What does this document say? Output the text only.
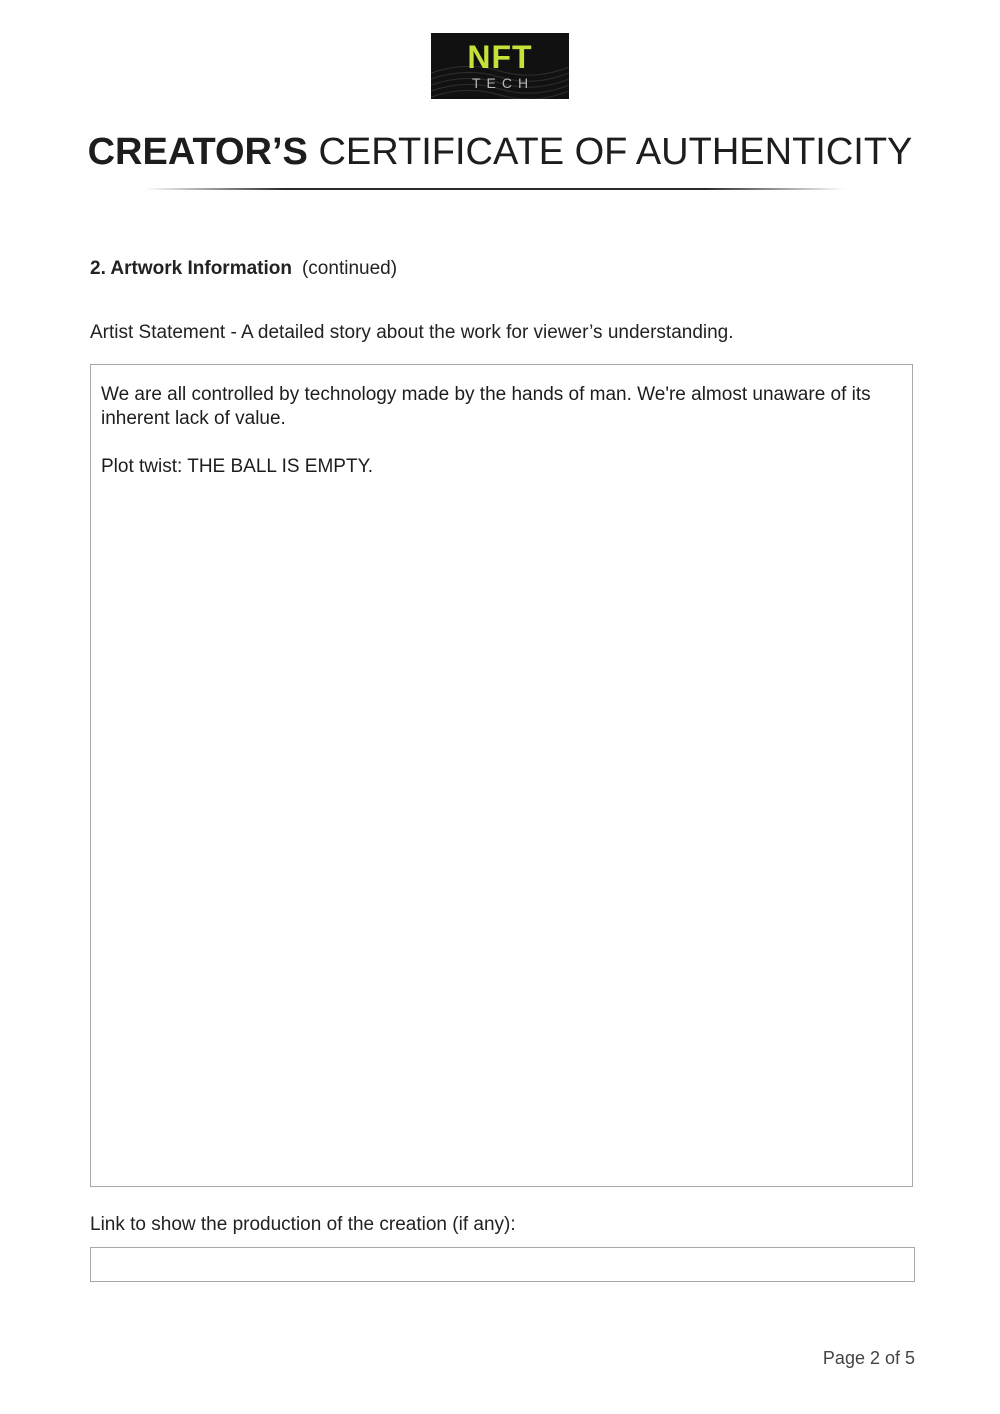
NFT
TECH
CREATOR’S CERTIFICATE OF AUTHENTICITY
2. Artwork Information (continued)
Artist Statement - A detailed story about the work for viewer’s understanding.

We are all controlled by technology made by the hands of man. We're almost unaware of its inherent lack of value.

Plot twist: THE BALL IS EMPTY.

Link to show the production of the creation (if any):
Page 2 of 5
